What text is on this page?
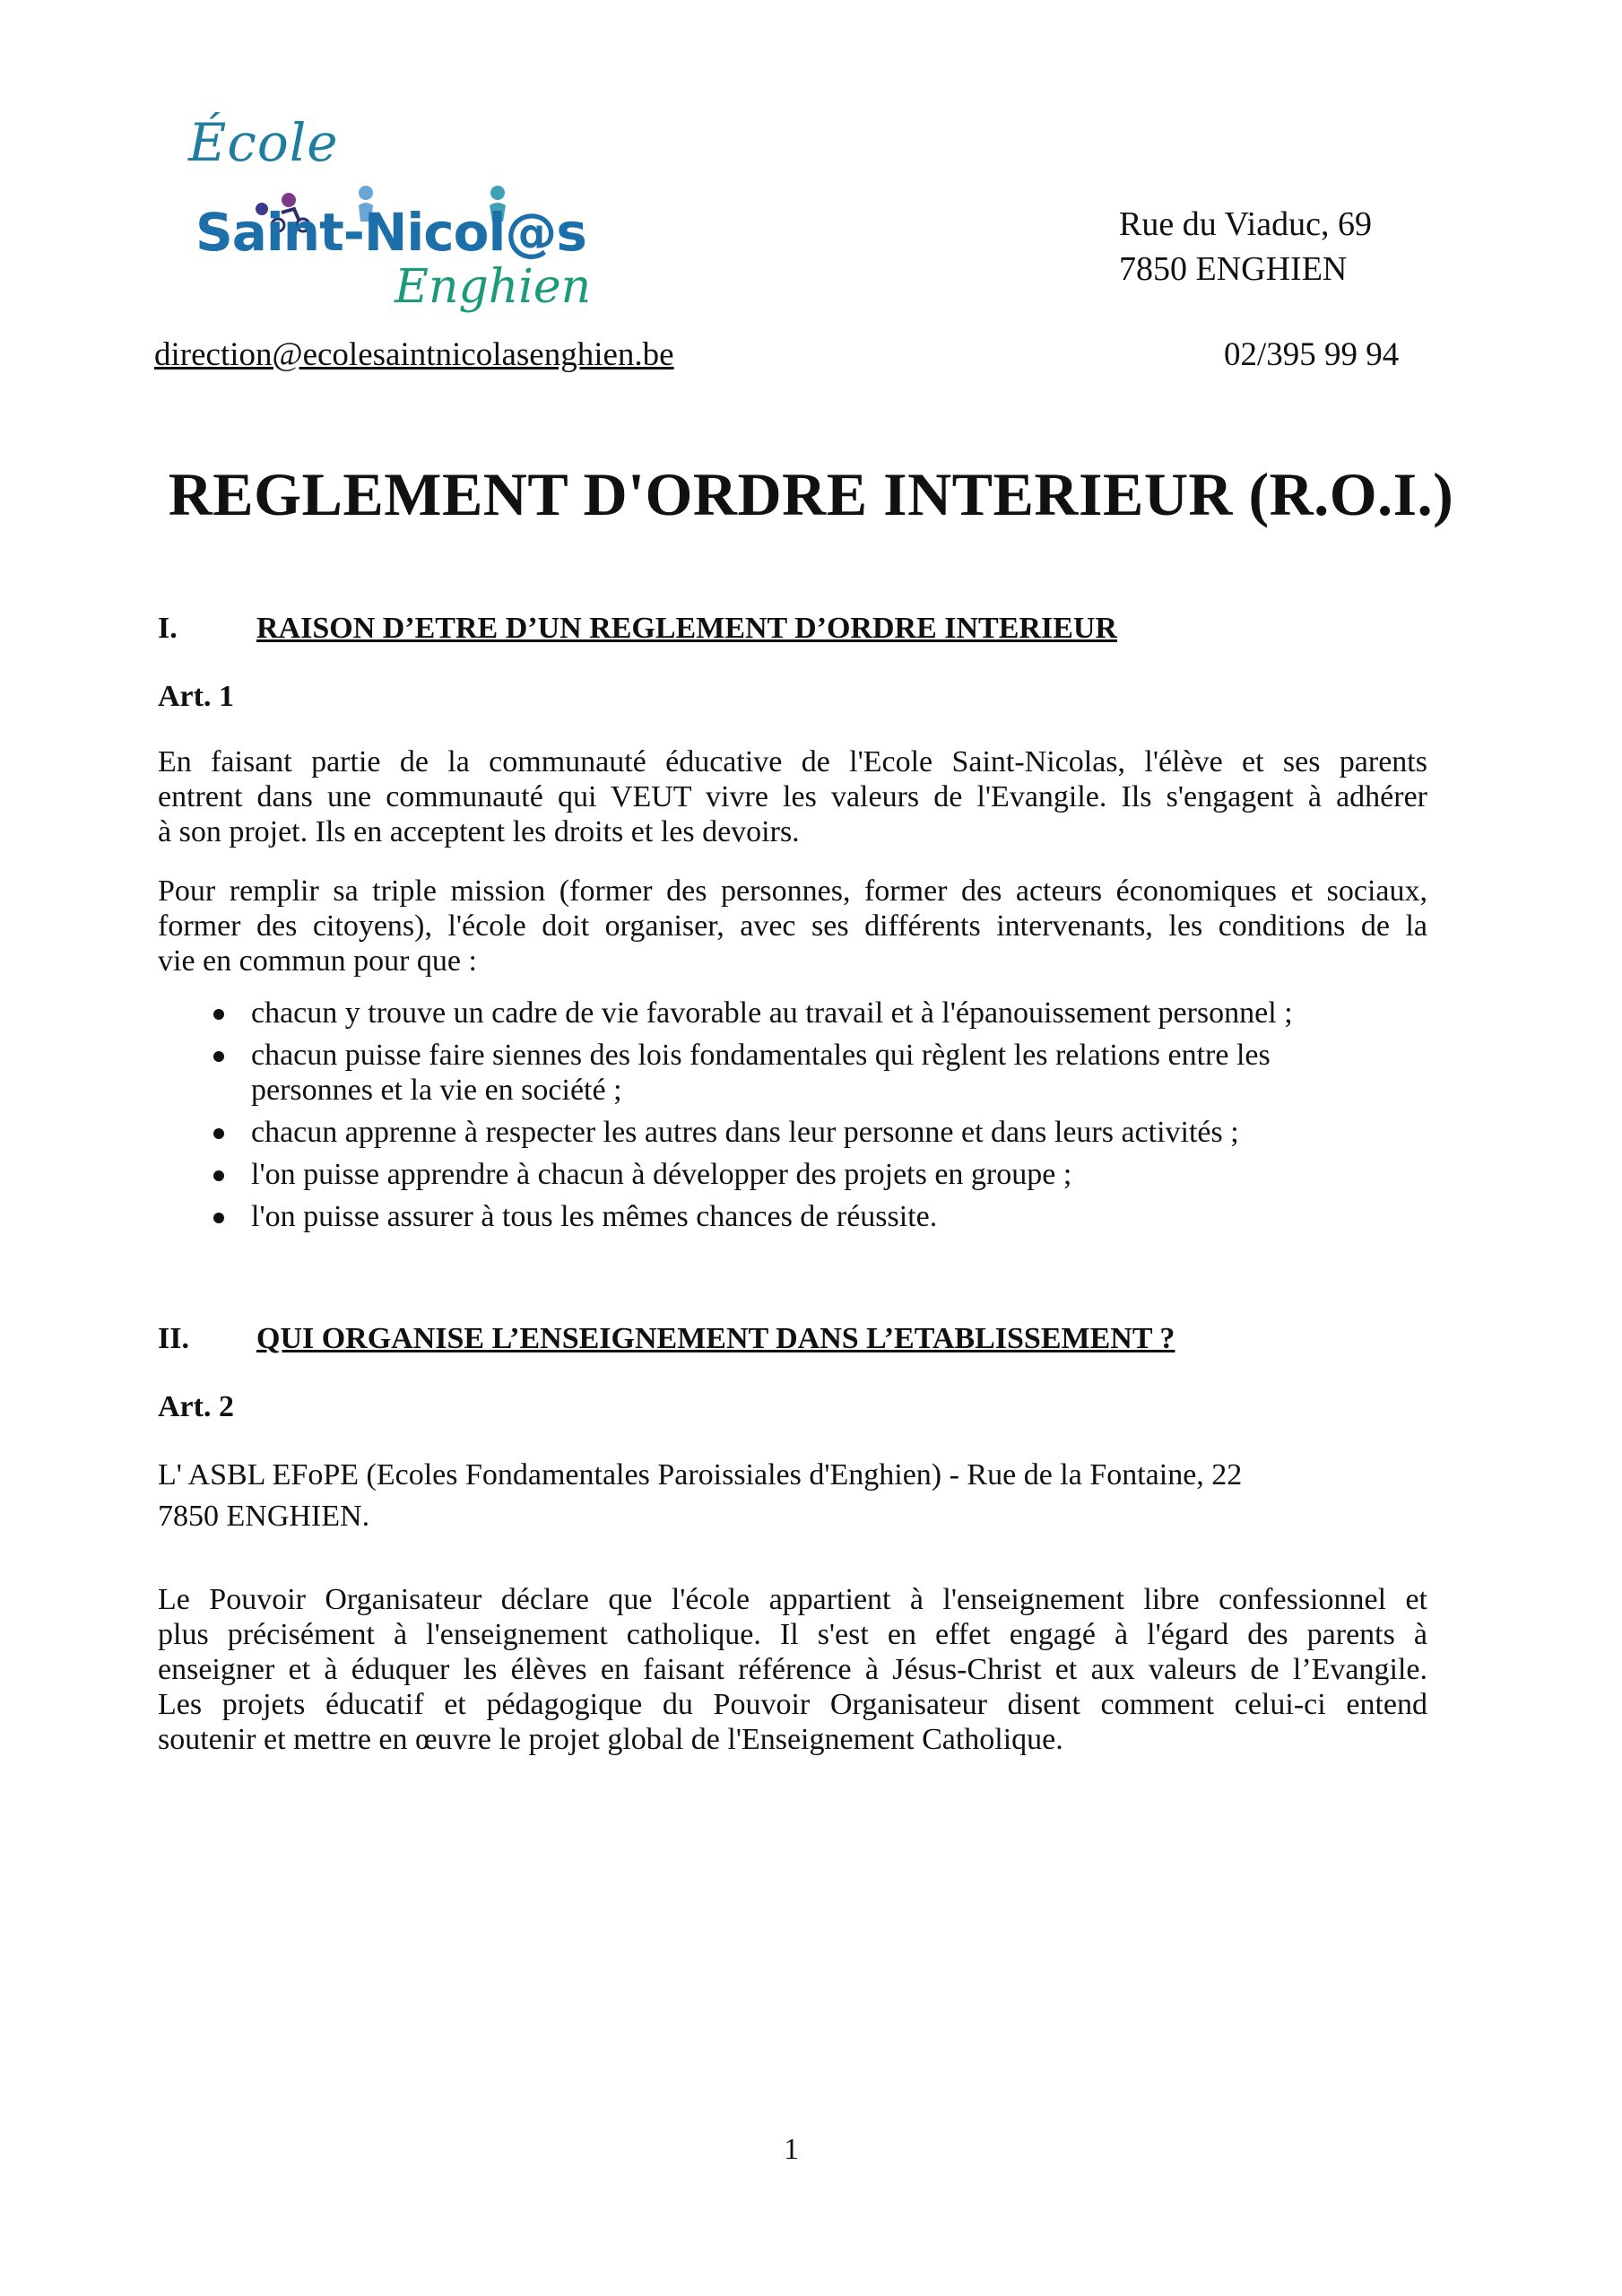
École
Saint-Nicol@s
Enghien
Rue du Viaduc, 69
7850 ENGHIEN
direction@ecolesaintnicolasenghien.be	02/395 99 94
REGLEMENT D'ORDRE INTERIEUR (R.O.I.)
I.	RAISON D’ETRE D’UN REGLEMENT D’ORDRE INTERIEUR
Art. 1
En faisant partie de la communauté éducative de l'Ecole Saint-Nicolas, l'élève et ses parents
entrent dans une communauté qui VEUT vivre les valeurs de l'Evangile. Ils s'engagent à adhérer
à son projet. Ils en acceptent les droits et les devoirs.
Pour remplir sa triple mission (former des personnes, former des acteurs économiques et sociaux,
former des citoyens), l'école doit organiser, avec ses différents intervenants, les conditions de la
vie en commun pour que :
chacun y trouve un cadre de vie favorable au travail et à l'épanouissement personnel ;
chacun puisse faire siennes des lois fondamentales qui règlent les relations entre les
personnes et la vie en société ;
chacun apprenne à respecter les autres dans leur personne et dans leurs activités ;
l'on puisse apprendre à chacun à développer des projets en groupe ;
l'on puisse assurer à tous les mêmes chances de réussite.
II. QUI ORGANISE L’ENSEIGNEMENT DANS L’ETABLISSEMENT ?
Art. 2
L' ASBL EFoPE (Ecoles Fondamentales Paroissiales d'Enghien) - Rue de la Fontaine, 22
7850 ENGHIEN.
Le Pouvoir Organisateur déclare que l'école appartient à l'enseignement libre confessionnel et
plus précisément à l'enseignement catholique. Il s'est en effet engagé à l'égard des parents à
enseigner et à éduquer les élèves en faisant référence à Jésus-Christ et aux valeurs de l’Evangile.
Les projets éducatif et pédagogique du Pouvoir Organisateur disent comment celui-ci entend
soutenir et mettre en œuvre le projet global de l'Enseignement Catholique.
1
